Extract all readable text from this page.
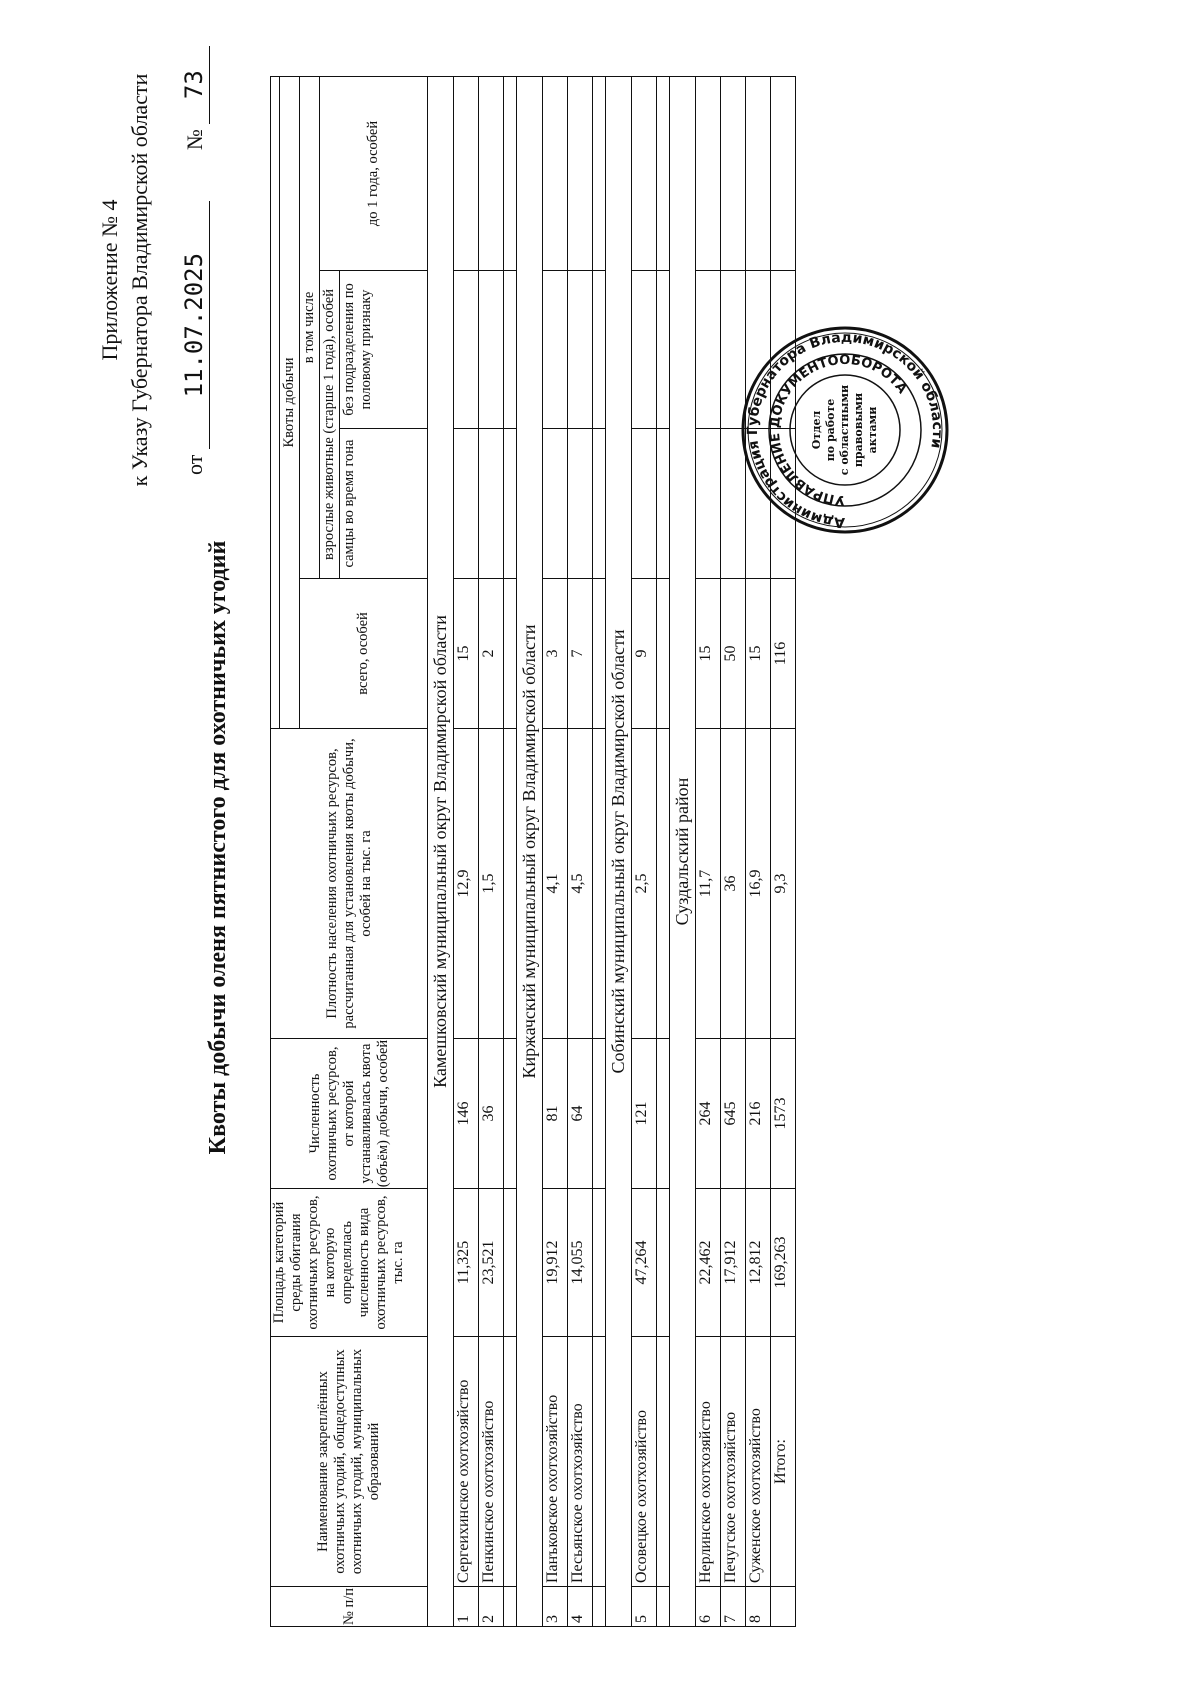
Приложение № 4 к Указу Губернатора Владимирской области от 11.07.2025  № 73
Квоты добычи оленя пятнистого для охотничьих угодий
№ п/п	Наименование закреплённых охотничьих угодий, общедоступных охотничьих угодий, муниципальных образований	Площадь категорий среды обитания охотничьих ресурсов, на которую определялась численность вида охотничьих ресурсов, тыс. га	Численность охотничьих ресурсов, от которой устанавливалась квота (объём) добычи, особей	Плотность населения охотничьих ресурсов, рассчитанная для установления квоты добычи, особей на тыс. га				
					Квоты добычи			
					всего, особей	в том числе		
						взрослые животные (старше 1 года), особей		до 1 года, особей
						самцы во время гона	без подразделения по половому признаку	
Камешковский муниципальный округ Владимирской области								
1	Сергеихинское охотхозяйство	11,325	146	12,9	15			
2	Пенкинское охотхозяйство	23,521	36	1,5	2			

Киржачский муниципальный округ Владимирской области								
3	Панъковское охотхозяйство	19,912	81	4,1	3			
4	Песьянское охотхозяйство	14,055	64	4,5	7			

Собинский муниципальный округ Владимирской области								
5	Осовецкое охотхозяйство	47,264	121	2,5	9			

Суздальский район								
6	Нерлинское охотхозяйство	22,462	264	11,7	15			
7	Печугское охотхозяйство	17,912	645	36	50			
8	Суженское охотхозяйство	12,812	216	16,9	15			
	Итого:	169,263	1573	9,3	116			
Администрация Губернатора Владимирской области
УПРАВЛЕНИЕ ДОКУМЕНТООБОРОТА
Отдел по работе с областными правовыми актами
